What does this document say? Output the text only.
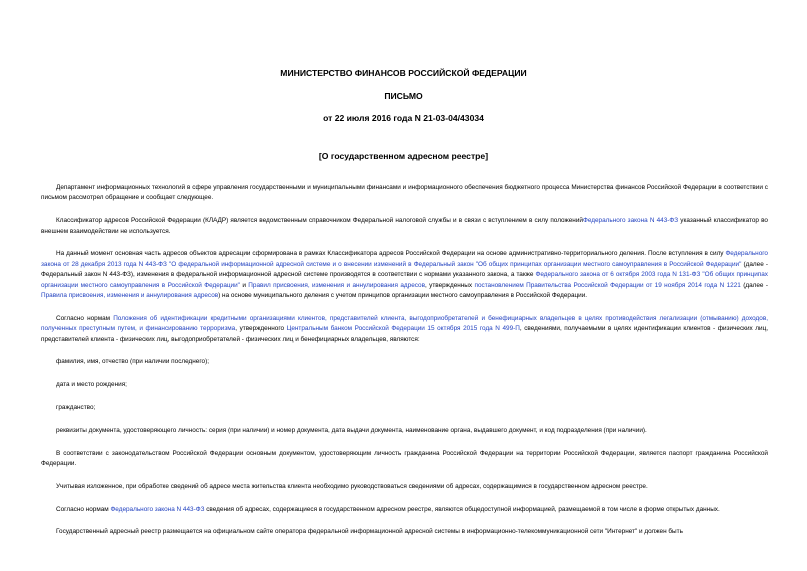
МИНИСТЕРСТВО ФИНАНСОВ РОССИЙСКОЙ ФЕДЕРАЦИИ
ПИСЬМО
от 22 июля 2016 года N 21-03-04/43034
[О государственном адресном реестре]

Департамент информационных технологий в сфере управления государственными и муниципальными финансами и информационного обеспечения бюджетного процесса Министерства финансов Российской Федерации в соответствии с письмом рассмотрел обращение и сообщает следующее.

Классификатор адресов Российской Федерации (КЛАДР) является ведомственным справочником Федеральной налоговой службы и в связи с вступлением в силу положенийФедерального закона N 443-ФЗ указанный классификатор во внешнем взаимодействии не используется.

На данный момент основная часть адресов объектов адресации сформирована в рамках Классификатора адресов Российской Федерации на основе административно-территориального деления. После вступления в силу Федерального закона от 28 декабря 2013 года N 443-ФЗ "О федеральной информационной адресной системе и о внесении изменений в Федеральный закон "Об общих принципах организации местного самоуправления в Российской Федерации" (далее - Федеральный закон N 443-ФЗ), изменения в федеральной информационной адресной системе производятся в соответствии с нормами указанного закона, а также Федерального закона от 6 октября 2003 года N 131-ФЗ "Об общих принципах организации местного самоуправления в Российской Федерации" и Правил присвоения, изменения и аннулирования адресов, утвержденных постановлением Правительства Российской Федерации от 19 ноября 2014 года N 1221 (далее - Правила присвоения, изменения и аннулирования адресов) на основе муниципального деления с учетом принципов организации местного самоуправления в Российской Федерации.

Согласно нормам Положения об идентификации кредитными организациями клиентов, представителей клиента, выгодоприобретателей и бенефициарных владельцев в целях противодействия легализации (отмыванию) доходов, полученных преступным путем, и финансированию терроризма, утвержденного Центральным банком Российской Федерации 15 октября 2015 года N 499-П, сведениями, получаемыми в целях идентификации клиентов - физических лиц, представителей клиента - физических лиц, выгодоприобретателей - физических лиц и бенефициарных владельцев, являются:

фамилия, имя, отчество (при наличии последнего);

дата и место рождения;

гражданство;

реквизиты документа, удостоверяющего личность: серия (при наличии) и номер документа, дата выдачи документа, наименование органа, выдавшего документ, и код подразделения (при наличии).

В соответствии с законодательством Российской Федерации основным документом, удостоверяющим личность гражданина Российской Федерации на территории Российской Федерации, является паспорт гражданина Российской Федерации.

Учитывая изложенное, при обработке сведений об адресе места жительства клиента необходимо руководствоваться сведениями об адресах, содержащимися в государственном адресном реестре.

Согласно нормам Федерального закона N 443-ФЗ сведения об адресах, содержащиеся в государственном адресном реестре, являются общедоступной информацией, размещаемой в том числе в форме открытых данных.

Государственный адресный реестр размещается на официальном сайте оператора федеральной информационной адресной системы в информационно-телекоммуникационной сети "Интернет" и должен быть
